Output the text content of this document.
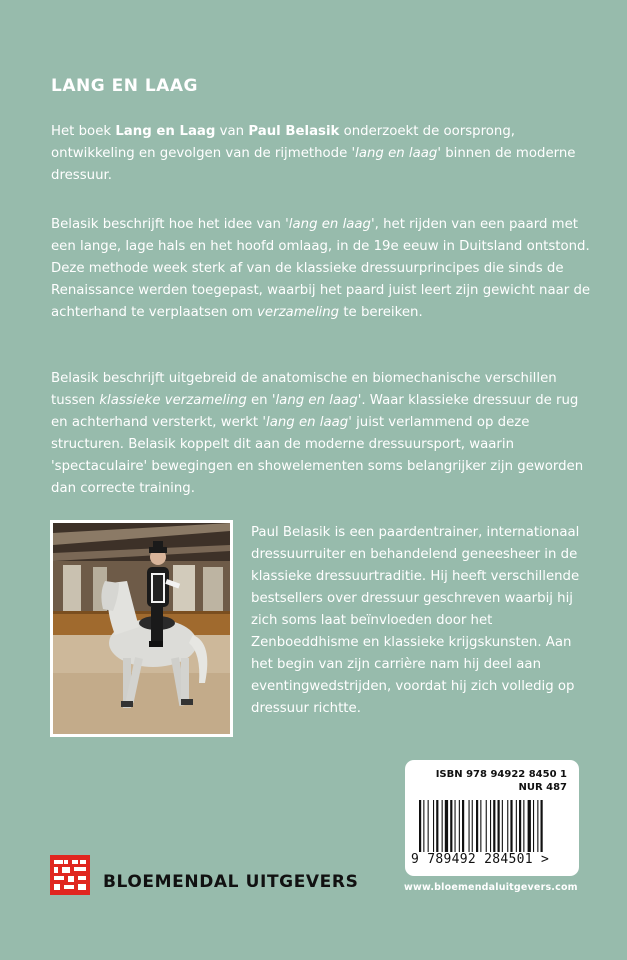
LANG EN LAAG

Het boek Lang en Laag van Paul Belasik onderzoekt de oorsprong, ontwikkeling en gevolgen van de rijmethode 'lang en laag' binnen de moderne dressuur.

Belasik beschrijft hoe het idee van 'lang en laag', het rijden van een paard met een lange, lage hals en het hoofd omlaag, in de 19e eeuw in Duitsland ontstond. Deze methode week sterk af van de klassieke dressuurprincipes die sinds de Renaissance werden toegepast, waarbij het paard juist leert zijn gewicht naar de achterhand te verplaatsen om verzameling te bereiken.

Belasik beschrijft uitgebreid de anatomische en biomechanische verschillen tussen klassieke verzameling en 'lang en laag'. Waar klassieke dressuur de rug en achterhand versterkt, werkt 'lang en laag' juist verlammend op deze structuren. Belasik koppelt dit aan de moderne dressuursport, waarin 'spectaculaire' bewegingen en showelementen soms belangrijker zijn geworden dan correcte training.

Paul Belasik is een paardentrainer, internationaal dressuurruiter en behandelend geneesheer in de klassieke dressuurtraditie. Hij heeft verschillende bestsellers over dressuur geschreven waarbij hij zich soms laat beïnvloeden door het Zenboeddhisme en klassieke krijgskunsten. Aan het begin van zijn carrière nam hij deel aan eventingwedstrijden, voordat hij zich volledig op dressuur richtte.

ISBN 978 94922 8450 1
NUR 487
9 789492 284501 >
BLOEMENDAL UITGEVERS	www.bloemendaluitgevers.com
